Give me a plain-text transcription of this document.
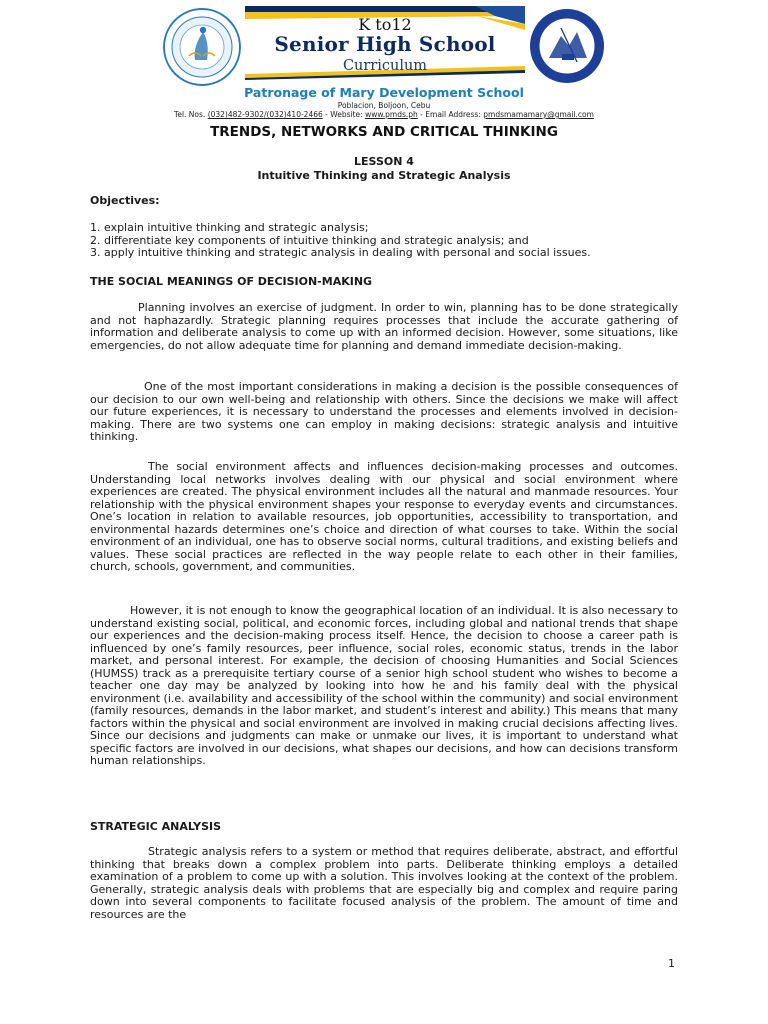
K to12
Senior High School
Curriculum
Patronage of Mary Development School
Poblacion, Boljoon, Cebu
Tel. Nos. (032)482-9302/(032)410-2466 - Website: www.pmds.ph - Email Address: pmdsmamamary@gmail.com
TRENDS, NETWORKS AND CRITICAL THINKING
LESSON 4
Intuitive Thinking and Strategic Analysis
Objectives:
1. explain intuitive thinking and strategic analysis;
2. differentiate key components of intuitive thinking and strategic analysis; and
3. apply intuitive thinking and strategic analysis in dealing with personal and social issues.
THE SOCIAL MEANINGS OF DECISION-MAKING
Planning involves an exercise of judgment. In order to win, planning has to be done strategically and not haphazardly. Strategic planning requires processes that include the accurate gathering of information and deliberate analysis to come up with an informed decision. However, some situations, like emergencies, do not allow adequate time for planning and demand immediate decision-making.
One of the most important considerations in making a decision is the possible consequences of our decision to our own well-being and relationship with others. Since the decisions we make will affect our future experiences, it is necessary to understand the processes and elements involved in decision-making. There are two systems one can employ in making decisions: strategic analysis and intuitive thinking.
The social environment affects and influences decision-making processes and outcomes. Understanding local networks involves dealing with our physical and social environment where experiences are created. The physical environment includes all the natural and manmade resources. Your relationship with the physical environment shapes your response to everyday events and circumstances. One’s location in relation to available resources, job opportunities, accessibility to transportation, and environmental hazards determines one’s choice and direction of what courses to take. Within the social environment of an individual, one has to observe social norms, cultural traditions, and existing beliefs and values. These social practices are reflected in the way people relate to each other in their families, church, schools, government, and communities.
However, it is not enough to know the geographical location of an individual. It is also necessary to understand existing social, political, and economic forces, including global and national trends that shape our experiences and the decision-making process itself. Hence, the decision to choose a career path is influenced by one’s family resources, peer influence, social roles, economic status, trends in the labor market, and personal interest. For example, the decision of choosing Humanities and Social Sciences (HUMSS) track as a prerequisite tertiary course of a senior high school student who wishes to become a teacher one day may be analyzed by looking into how he and his family deal with the physical environment (i.e. availability and accessibility of the school within the community) and social environment (family resources, demands in the labor market, and student’s interest and ability.) This means that many factors within the physical and social environment are involved in making crucial decisions affecting lives. Since our decisions and judgments can make or unmake our lives, it is important to understand what specific factors are involved in our decisions, what shapes our decisions, and how can decisions transform human relationships.
STRATEGIC ANALYSIS
Strategic analysis refers to a system or method that requires deliberate, abstract, and effortful thinking that breaks down a complex problem into parts. Deliberate thinking employs a detailed examination of a problem to come up with a solution. This involves looking at the context of the problem. Generally, strategic analysis deals with problems that are especially big and complex and require paring down into several components to facilitate focused analysis of the problem. The amount of time and resources are the
1
